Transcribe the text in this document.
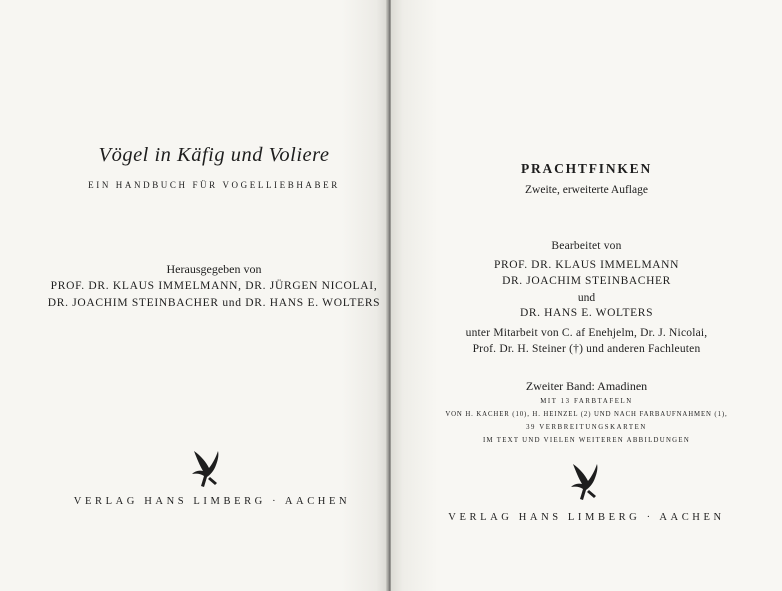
Vögel in Käfig und Voliere
EIN HANDBUCH FÜR VOGELLIEBHABER
Herausgegeben von
PROF. DR. KLAUS IMMELMANN, DR. JÜRGEN NICOLAI,
DR. JOACHIM STEINBACHER und DR. HANS E. WOLTERS
VERLAG HANS LIMBERG · AACHEN
PRACHTFINKEN
Zweite, erweiterte Auflage
Bearbeitet von
PROF. DR. KLAUS IMMELMANN
DR. JOACHIM STEINBACHER
und
DR. HANS E. WOLTERS
unter Mitarbeit von C. af Enehjelm, Dr. J. Nicolai,
Prof. Dr. H. Steiner (†) und anderen Fachleuten
Zweiter Band: Amadinen
MIT 13 FARBTAFELN
VON H. KACHER (10), H. HEINZEL (2) UND NACH FARBAUFNAHMEN (1),
39 VERBREITUNGSKARTEN
IM TEXT UND VIELEN WEITEREN ABBILDUNGEN
VERLAG HANS LIMBERG · AACHEN
